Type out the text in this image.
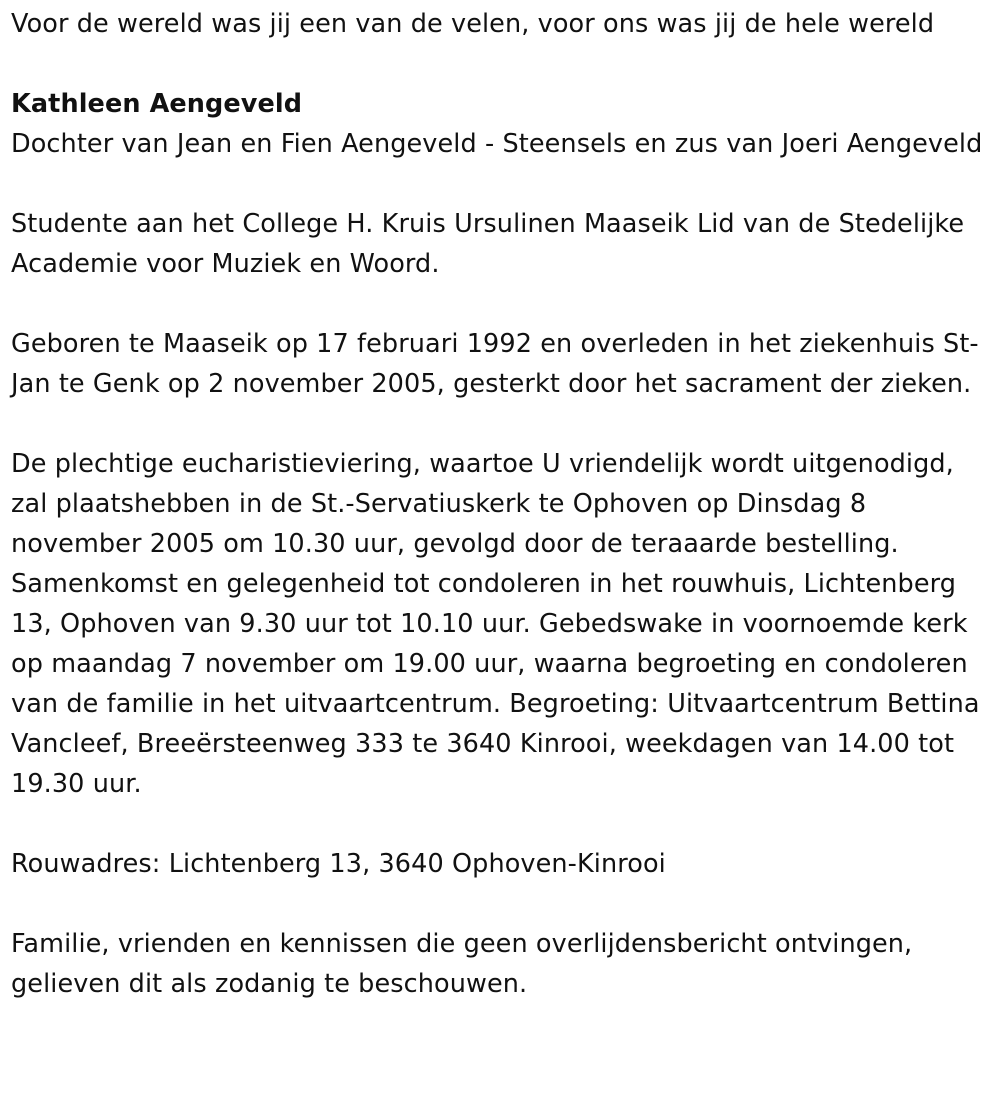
Voor de wereld was jij een van de velen, voor ons was jij de hele wereld

Kathleen Aengeveld

Dochter van Jean en Fien Aengeveld - Steensels en zus van Joeri Aengeveld

Studente aan het College H. Kruis Ursulinen Maaseik Lid van de Stedelijke Academie voor Muziek en Woord.

Geboren te Maaseik op 17 februari 1992 en overleden in het ziekenhuis St-Jan te Genk op 2 november 2005, gesterkt door het sacrament der zieken.

De plechtige eucharistieviering, waartoe U vriendelijk wordt uitgenodigd, zal plaatshebben in de St.-Servatiuskerk te Ophoven op Dinsdag 8 november 2005 om 10.30 uur, gevolgd door de teraaarde bestelling. Samenkomst en gelegenheid tot condoleren in het rouwhuis, Lichtenberg 13, Ophoven van 9.30 uur tot 10.10 uur. Gebedswake in voornoemde kerk op maandag 7 november om 19.00 uur, waarna begroeting en condoleren van de familie in het uitvaartcentrum. Begroeting: Uitvaartcentrum Bettina Vancleef, Breeërsteenweg 333 te 3640 Kinrooi, weekdagen van 14.00 tot 19.30 uur.

Rouwadres: Lichtenberg 13, 3640 Ophoven-Kinrooi

Familie, vrienden en kennissen die geen overlijdensbericht ontvingen, gelieven dit als zodanig te beschouwen.
